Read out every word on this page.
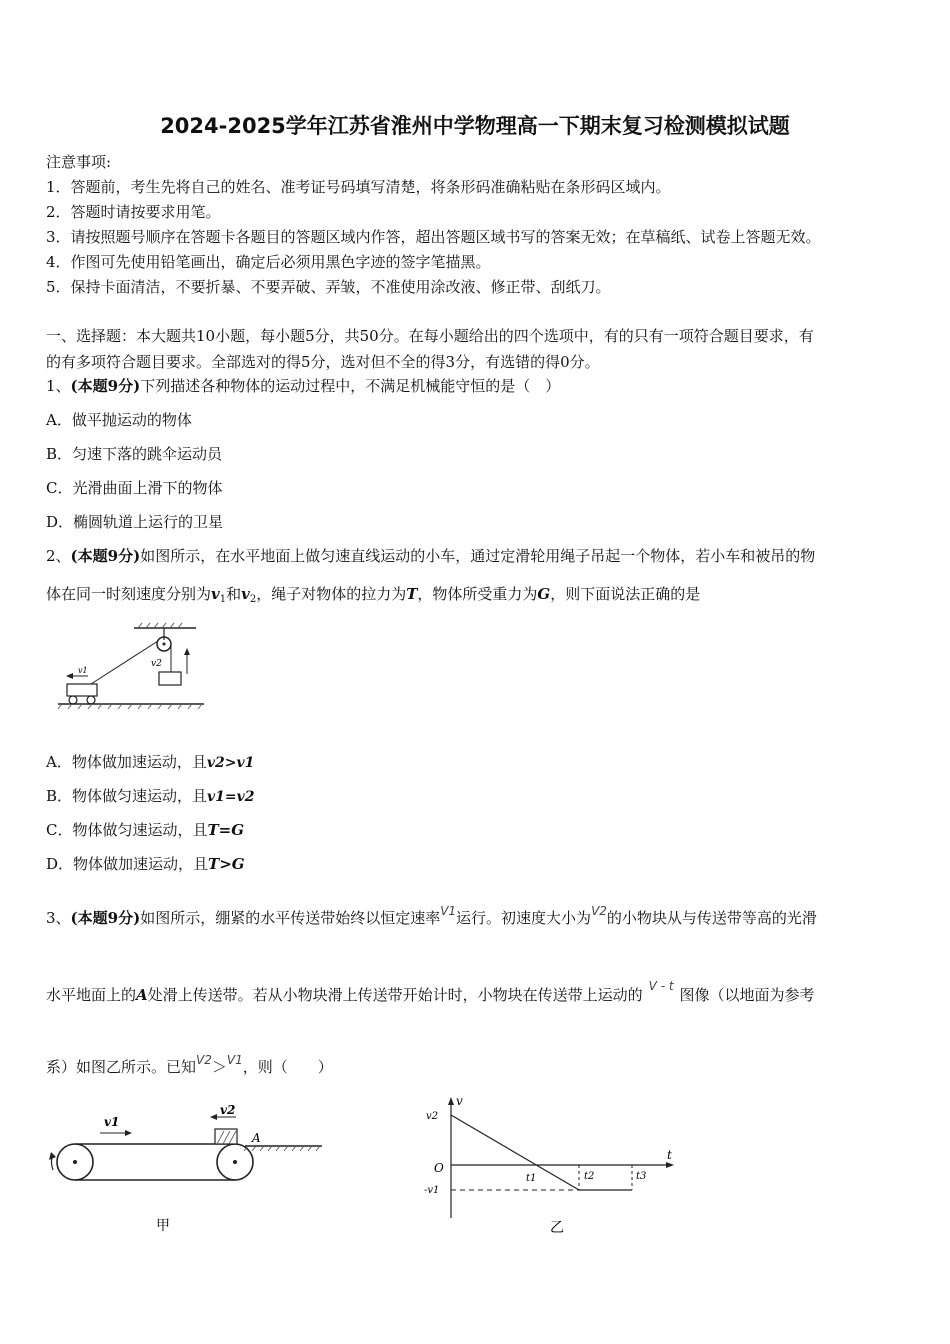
2024-2025学年江苏省淮州中学物理高一下期末复习检测模拟试题
注意事项:
1．答题前，考生先将自己的姓名、准考证号码填写清楚，将条形码准确粘贴在条形码区域内。
2．答题时请按要求用笔。
3．请按照题号顺序在答题卡各题目的答题区域内作答，超出答题区域书写的答案无效；在草稿纸、试卷上答题无效。
4．作图可先使用铅笔画出，确定后必须用黑色字迹的签字笔描黑。
5．保持卡面清洁，不要折暴、不要弄破、弄皱，不准使用涂改液、修正带、刮纸刀。
一、选择题：本大题共10小题，每小题5分，共50分。在每小题给出的四个选项中，有的只有一项符合题目要求，有
的有多项符合题目要求。全部选对的得5分，选对但不全的得3分，有选错的得0分。
1、(本题9分)下列描述各种物体的运动过程中，不满足机械能守恒的是（　）
A．做平抛运动的物体
B．匀速下落的跳伞运动员
C．光滑曲面上滑下的物体
D．椭圆轨道上运行的卫星
2、(本题9分)如图所示，在水平地面上做匀速直线运动的小车，通过定滑轮用绳子吊起一个物体，若小车和被吊的物
体在同一时刻速度分别为$v_1$和$v_2$，绳子对物体的拉力为T，物体所受重力为G，则下面说法正确的是
v2
v1
A．物体做加速运动，且v2>v1
B．物体做匀速运动，且v1=v2
C．物体做匀速运动，且T=G
D．物体做加速运动，且T>G
3、(本题9分)如图所示，绷紧的水平传送带始终以恒定速率$^{V1}$运行。初速度大小为$^{V2}$的小物块从与传送带等高的光滑
水平地面上的A处滑上传送带。若从小物块滑上传送带开始计时，小物块在传送带上运动的 $^{V - t}$ 图像（以地面为参考
系）如图乙所示。已知$^{V2}$＞$^{V1}$，则（　　）
A
v1
v2
甲
v
t
O
v2
-v1
t1	t2	t3
乙
